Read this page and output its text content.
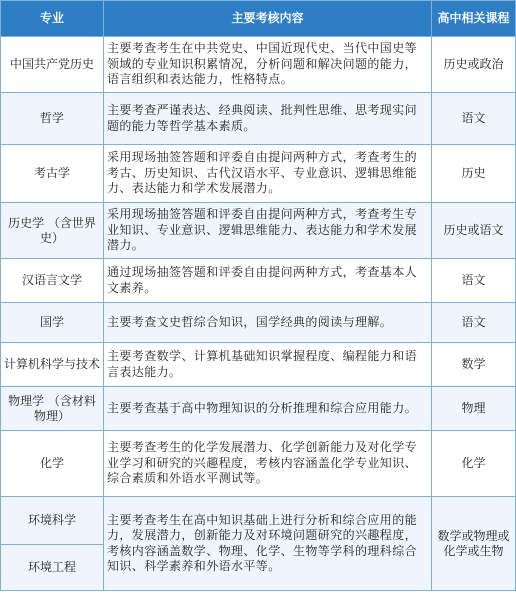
专业	主要考核内容	高中相关课程
中国共产党历史	主要考查考生在中共党史、中国近现代史、当代中国史等领域的专业知识积累情况，分析问题和解决问题的能力，语言组织和表达能力，性格特点。	历史或政治
哲学	主要考查严谨表达、经典阅读、批判性思维、思考现实问题的能力等哲学基本素质。	语文
考古学	采用现场抽签答题和评委自由提问两种方式，考查考生的考古、历史知识、古代汉语水平、专业意识、逻辑思维能力、表达能力和学术发展潜力。	历史
历史学 （含世界史）	采用现场抽签答题和评委自由提问两种方式，考查考生专业知识、专业意识、逻辑思维能力、表达能力和学术发展潜力。	历史或语文
汉语言文学	通过现场抽签答题和评委自由提问两种方式，考查基本人文素养。	语文
国学	主要考查文史哲综合知识，国学经典的阅读与理解。	语文
计算机科学与技术	主要考查数学、计算机基础知识掌握程度、编程能力和语言表达能力。	数学
物理学 （含材料物理）	主要考查基于高中物理知识的分析推理和综合应用能力。	物理
化学	主要考查考生的化学发展潜力、化学创新能力及对化学专业学习和研究的兴趣程度，考核内容涵盖化学专业知识、综合素质和外语水平测试等。	化学
环境科学	主要考查考生在高中知识基础上进行分析和综合应用的能力，发展潜力，创新能力及对环境问题研究的兴趣程度，考核内容涵盖数学、物理、化学、生物等学科的理科综合知识、科学素养和外语水平等。	数学或物理或 化学或生物
环境工程		
